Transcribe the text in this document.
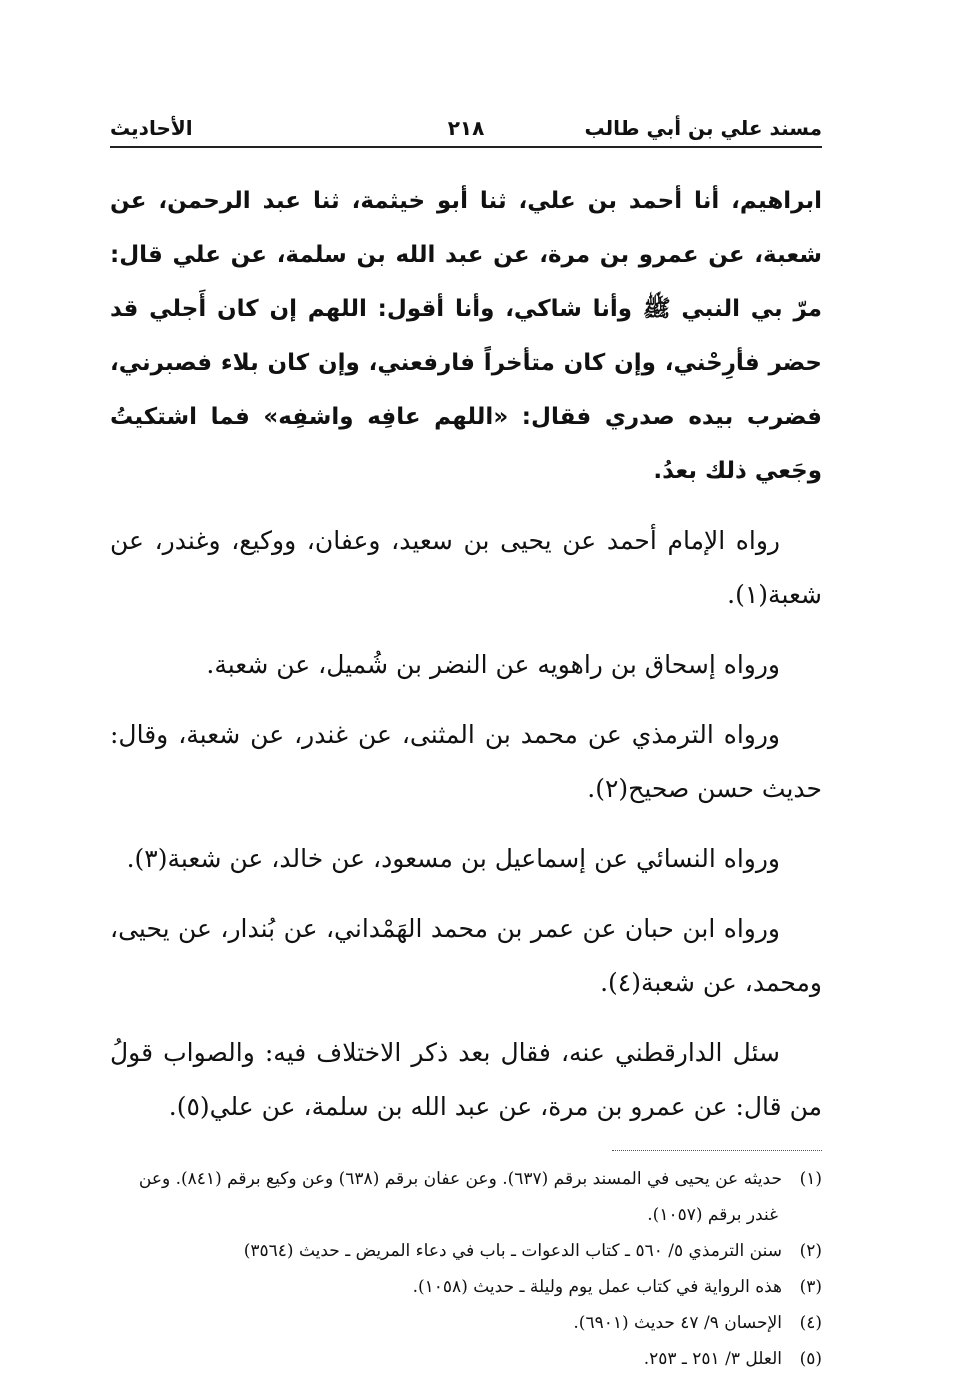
مسند علي بن أبي طالب
٢١٨
الأحاديث

ابراهيم، أنا أحمد بن علي، ثنا أبو خيثمة، ثنا عبد الرحمن، عن شعبة، عن عمرو بن مرة، عن عبد الله بن سلمة، عن علي قال: مرّ بي النبي ﷺ وأنا شاكي، وأنا أقول: اللهم إن كان أَجلي قد حضر فأرِحْني، وإن كان متأخراً فارفعني، وإن كان بلاء فصبرني، فضرب بيده صدري فقال: «اللهم عافِه واشفِه» فما اشتكيتُ وجَعي ذلك بعدُ.

رواه الإمام أحمد عن يحيى بن سعيد، وعفان، ووكيع، وغندر، عن شعبة(١).

ورواه إسحاق بن راهويه عن النضر بن شُميل، عن شعبة.

ورواه الترمذي عن محمد بن المثنى، عن غندر، عن شعبة، وقال: حديث حسن صحيح(٢).

ورواه النسائي عن إسماعيل بن مسعود، عن خالد، عن شعبة(٣).

ورواه ابن حبان عن عمر بن محمد الهَمْداني، عن بُندار، عن يحيى، ومحمد، عن شعبة(٤).

سئل الدارقطني عنه، فقال بعد ذكر الاختلاف فيه: والصواب قولُ من قال: عن عمرو بن مرة، عن عبد الله بن سلمة، عن علي(٥).

(١)حديثه عن يحيى في المسند برقم (٦٣٧). وعن عفان برقم (٦٣٨) وعن وكيع برقم (٨٤١). وعن غندر برقم (١٠٥٧).

(٢)سنن الترمذي ٥/ ٥٦٠ ـ كتاب الدعوات ـ باب في دعاء المريض ـ حديث (٣٥٦٤)

(٣)هذه الرواية في كتاب عمل يوم وليلة ـ حديث (١٠٥٨).

(٤)الإحسان ٩/ ٤٧ حديث (٦٩٠١).

(٥)العلل ٣/ ٢٥١ ـ ٢٥٣.
